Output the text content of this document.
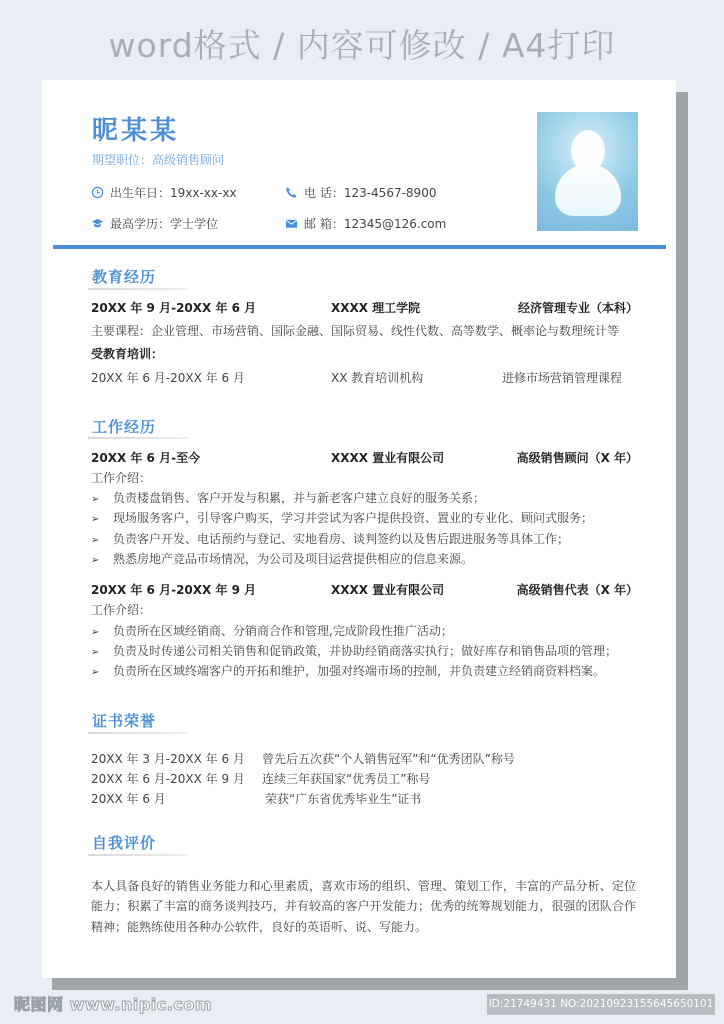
word格式 / 内容可修改 / A4打印
昵某某
期望职位：高级销售顾问
出生年日：19xx-xx-xx	电 话：123-4567-8900
最高学历：学士学位	邮 箱：12345@126.com
教育经历
20XX 年 9 月-20XX 年 6 月	XXXX 理工学院	经济管理专业（本科）
主要课程：企业管理、市场营销、国际金融、国际贸易、线性代数、高等数学、概率论与数理统计等
受教育培训：
20XX 年 6 月-20XX 年 6 月	XX 教育培训机构	进修市场营销管理课程
工作经历
20XX 年 6 月-至今	XXXX 置业有限公司	高级销售顾问（X 年）
工作介绍：
➢ 负责楼盘销售、客户开发与积累，并与新老客户建立良好的服务关系；
➢ 现场服务客户，引导客户购买，学习并尝试为客户提供投资、置业的专业化、顾问式服务；
➢ 负责客户开发、电话预约与登记、实地看房、谈判签约以及售后跟进服务等具体工作；
➢ 熟悉房地产竞品市场情况，为公司及项目运营提供相应的信息来源。
20XX 年 6 月-20XX 年 9 月	XXXX 置业有限公司	高级销售代表（X 年）
工作介绍：
➢ 负责所在区域经销商、分销商合作和管理,完成阶段性推广活动；
➢ 负责及时传递公司相关销售和促销政策，并协助经销商落实执行；做好库存和销售品项的管理；
➢ 负责所在区域终端客户的开拓和维护，加强对终端市场的控制，并负责建立经销商资料档案。
证书荣誉
20XX 年 3 月-20XX 年 6 月 曾先后五次获“个人销售冠军”和“优秀团队”称号
20XX 年 6 月-20XX 年 9 月 连续三年获国家“优秀员工”称号
20XX 年 6 月	荣获“广东省优秀毕业生”证书
自我评价
本人具备良好的销售业务能力和心里素质，喜欢市场的组织、管理、策划工作，丰富的产品分析、定位能力；积累了丰富的商务谈判技巧，并有较高的客户开发能力；优秀的统筹规划能力，很强的团队合作精神；能熟练使用各种办公软件，良好的英语听、说、写能力。
昵图网 www.nipic.com	ID:21749431 NO:20210923155645650101
